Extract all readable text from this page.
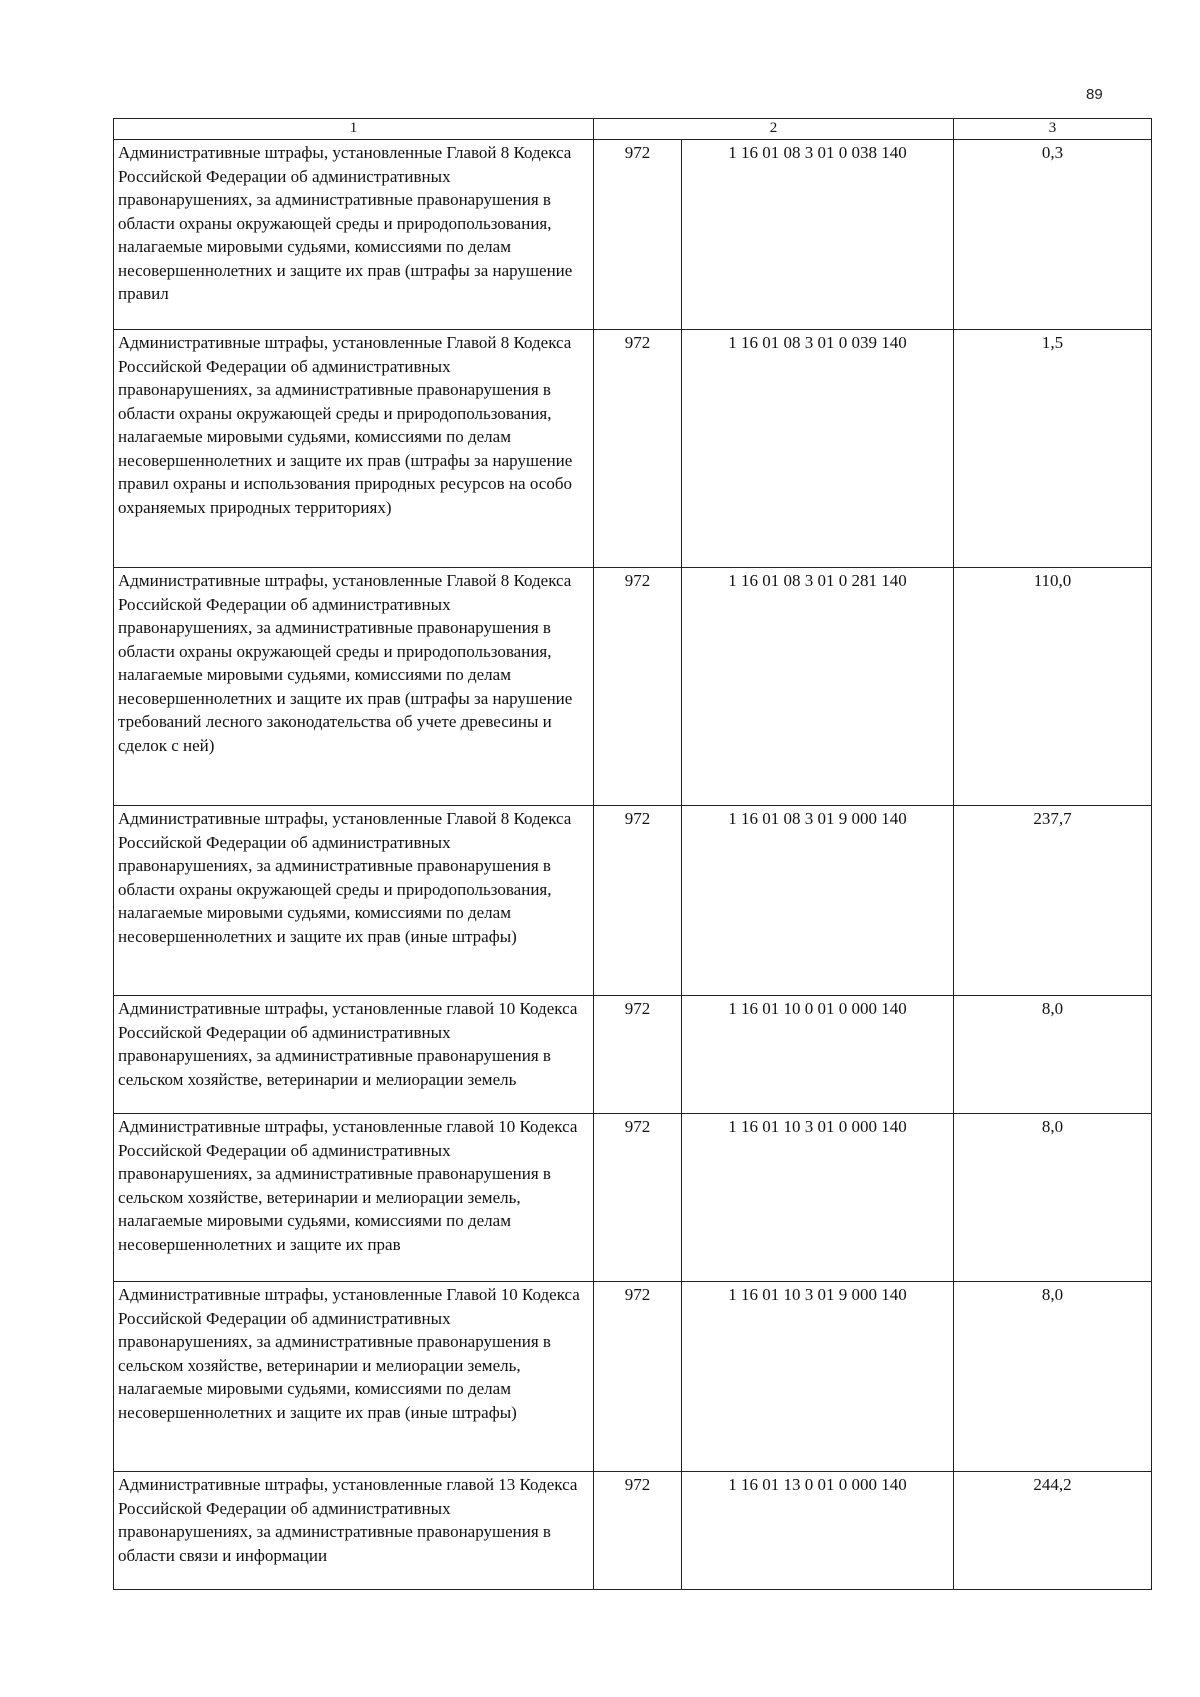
89
1	2		3
Административные штрафы, установленные Главой 8 Кодекса Российской Федерации об административных правонарушениях, за административные правонарушения в области охраны окружающей среды и природопользования, налагаемые мировыми судьями, комиссиями по делам несовершеннолетних и защите их прав (штрафы за нарушение правил	972	1 16 01 08 3 01 0 038 140	0,3
Административные штрафы, установленные Главой 8 Кодекса Российской Федерации об административных правонарушениях, за административные правонарушения в области охраны окружающей среды и природопользования, налагаемые мировыми судьями, комиссиями по делам несовершеннолетних и защите их прав (штрафы за нарушение правил охраны и использования природных ресурсов на особо охраняемых природных территориях)	972	1 16 01 08 3 01 0 039 140	1,5
Административные штрафы, установленные Главой 8 Кодекса Российской Федерации об административных правонарушениях, за административные правонарушения в области охраны окружающей среды и природопользования, налагаемые мировыми судьями, комиссиями по делам несовершеннолетних и защите их прав (штрафы за нарушение требований лесного законодательства об учете древесины и сделок с ней)	972	1 16 01 08 3 01 0 281 140	110,0
Административные штрафы, установленные Главой 8 Кодекса Российской Федерации об административных правонарушениях, за административные правонарушения в области охраны окружающей среды и природопользования, налагаемые мировыми судьями, комиссиями по делам несовершеннолетних и защите их прав (иные штрафы)	972	1 16 01 08 3 01 9 000 140	237,7
Административные штрафы, установленные главой 10 Кодекса Российской Федерации об административных правонарушениях, за административные правонарушения в сельском хозяйстве, ветеринарии и мелиорации земель	972	1 16 01 10 0 01 0 000 140	8,0
Административные штрафы, установленные главой 10 Кодекса Российской Федерации об административных правонарушениях, за административные правонарушения в сельском хозяйстве, ветеринарии и мелиорации земель, налагаемые мировыми судьями, комиссиями по делам несовершеннолетних и защите их прав	972	1 16 01 10 3 01 0 000 140	8,0
Административные штрафы, установленные Главой 10 Кодекса Российской Федерации об административных правонарушениях, за административные правонарушения в сельском хозяйстве, ветеринарии и мелиорации земель, налагаемые мировыми судьями, комиссиями по делам несовершеннолетних и защите их прав (иные штрафы)	972	1 16 01 10 3 01 9 000 140	8,0
Административные штрафы, установленные главой 13 Кодекса Российской Федерации об административных правонарушениях, за административные правонарушения в области связи и информации	972	1 16 01 13 0 01 0 000 140	244,2
